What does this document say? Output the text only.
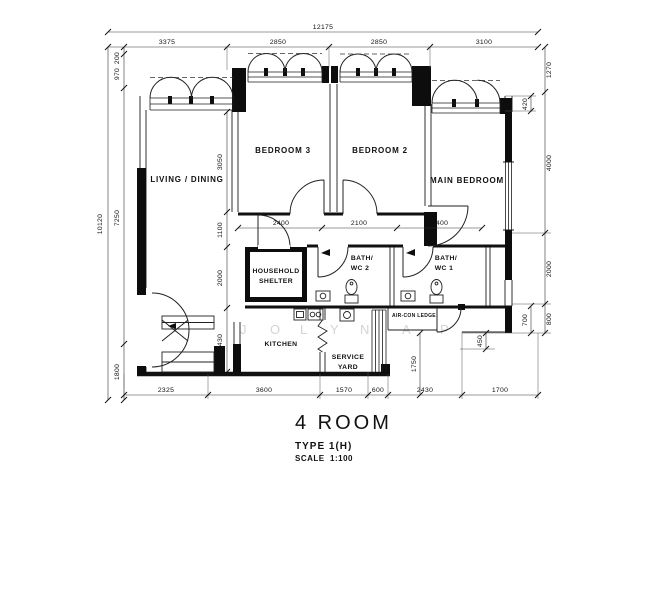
J O L Y N	A P
12175
3375	2850	2850	3100
10120
200
970
7250
1800
3050
1100
2000
2430
2400	2100	2400
1270
4000
2000
800
420
700
2325	3600	1570	600	2430	1700
1750
450
LIVING / DINING
BEDROOM 3	BEDROOM 2
MAIN BEDROOM
HOUSEHOLD
SHELTER
BATH/
WC 2
BATH/
WC 1
KITCHEN
SERVICE
YARD
AIR-CON LEDGE
4 ROOM
TYPE 1(H)
SCALE 1:100
